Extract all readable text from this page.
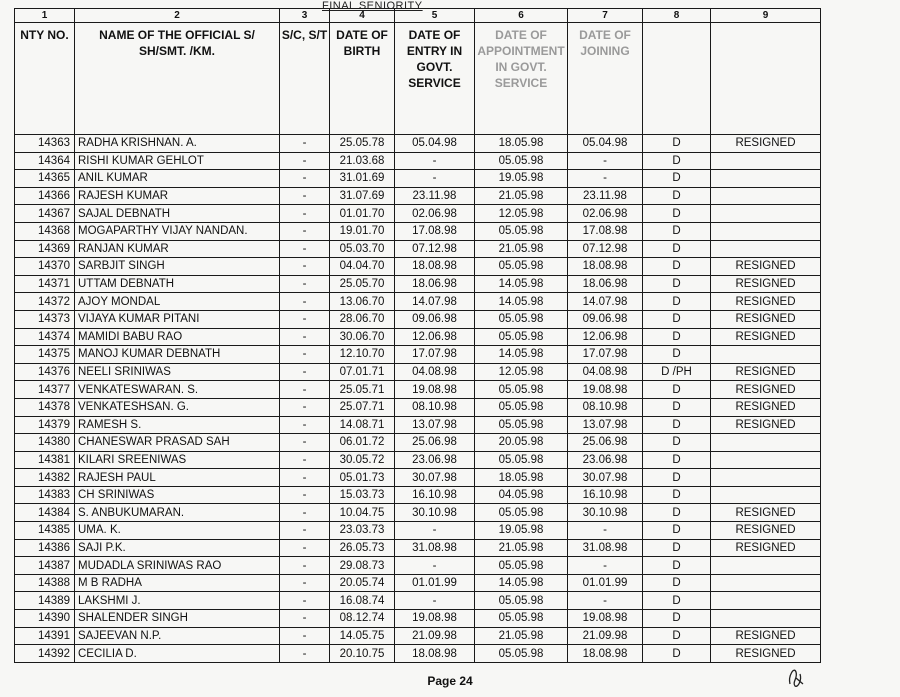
FINAL SENIORITY
1	2	3	4	5	6	7	8	9
NTY NO.	NAME OF THE OFFICIAL S/ SH/SMT. /KM.	S/C, S/T	DATE OF BIRTH	DATE OF ENTRY IN GOVT. SERVICE	DATE OF APPOINTMENT IN GOVT. SERVICE	DATE OF JOINING		
14363	RADHA KRISHNAN. A.	-	25.05.78	05.04.98	18.05.98	05.04.98	D	RESIGNED
14364	RISHI KUMAR GEHLOT	-	21.03.68	-	05.05.98	-	D	
14365	ANIL KUMAR	-	31.01.69	-	19.05.98	-	D	
14366	RAJESH KUMAR	-	31.07.69	23.11.98	21.05.98	23.11.98	D	
14367	SAJAL DEBNATH	-	01.01.70	02.06.98	12.05.98	02.06.98	D	
14368	MOGAPARTHY VIJAY NANDAN.	-	19.01.70	17.08.98	05.05.98	17.08.98	D	
14369	RANJAN KUMAR	-	05.03.70	07.12.98	21.05.98	07.12.98	D	
14370	SARBJIT SINGH	-	04.04.70	18.08.98	05.05.98	18.08.98	D	RESIGNED
14371	UTTAM DEBNATH	-	25.05.70	18.06.98	14.05.98	18.06.98	D	RESIGNED
14372	AJOY MONDAL	-	13.06.70	14.07.98	14.05.98	14.07.98	D	RESIGNED
14373	VIJAYA KUMAR PITANI	-	28.06.70	09.06.98	05.05.98	09.06.98	D	RESIGNED
14374	MAMIDI BABU RAO	-	30.06.70	12.06.98	05.05.98	12.06.98	D	RESIGNED
14375	MANOJ KUMAR DEBNATH	-	12.10.70	17.07.98	14.05.98	17.07.98	D	
14376	NEELI SRINIWAS	-	07.01.71	04.08.98	12.05.98	04.08.98	D /PH	RESIGNED
14377	VENKATESWARAN. S.	-	25.05.71	19.08.98	05.05.98	19.08.98	D	RESIGNED
14378	VENKATESHSAN. G.	-	25.07.71	08.10.98	05.05.98	08.10.98	D	RESIGNED
14379	RAMESH S.	-	14.08.71	13.07.98	05.05.98	13.07.98	D	RESIGNED
14380	CHANESWAR PRASAD SAH	-	06.01.72	25.06.98	20.05.98	25.06.98	D	
14381	KILARI SREENIWAS	-	30.05.72	23.06.98	05.05.98	23.06.98	D	
14382	RAJESH PAUL	-	05.01.73	30.07.98	18.05.98	30.07.98	D	
14383	CH SRINIWAS	-	15.03.73	16.10.98	04.05.98	16.10.98	D	
14384	S. ANBUKUMARAN.	-	10.04.75	30.10.98	05.05.98	30.10.98	D	RESIGNED
14385	UMA. K.	-	23.03.73	-	19.05.98	-	D	RESIGNED
14386	SAJI P.K.	-	26.05.73	31.08.98	21.05.98	31.08.98	D	RESIGNED
14387	MUDADLA SRINIWAS RAO	-	29.08.73	-	05.05.98	-	D	
14388	M B RADHA	-	20.05.74	01.01.99	14.05.98	01.01.99	D	
14389	LAKSHMI J.	-	16.08.74	-	05.05.98	-	D	
14390	SHALENDER SINGH	-	08.12.74	19.08.98	05.05.98	19.08.98	D	
14391	SAJEEVAN N.P.	-	14.05.75	21.09.98	21.05.98	21.09.98	D	RESIGNED
14392	CECILIA D.	-	20.10.75	18.08.98	05.05.98	18.08.98	D	RESIGNED
Page 24
